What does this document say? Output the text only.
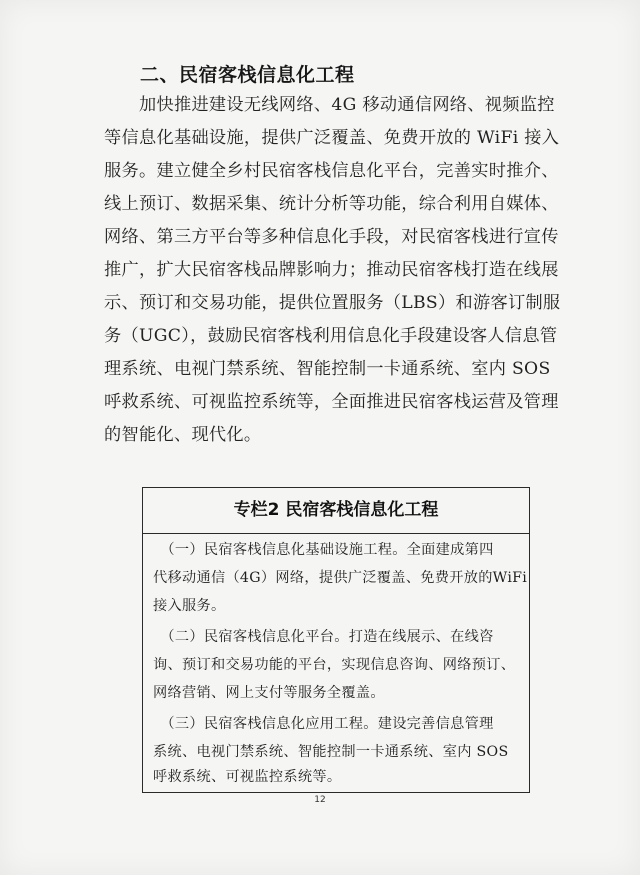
二、民宿客栈信息化工程
　　加快推进建设无线网络、4G 移动通信网络、视频监控
等信息化基础设施，提供广泛覆盖、免费开放的 WiFi 接入
服务。建立健全乡村民宿客栈信息化平台，完善实时推介、
线上预订、数据采集、统计分析等功能，综合利用自媒体、
网络、第三方平台等多种信息化手段，对民宿客栈进行宣传
推广，扩大民宿客栈品牌影响力；推动民宿客栈打造在线展
示、预订和交易功能，提供位置服务（LBS）和游客订制服
务（UGC），鼓励民宿客栈利用信息化手段建设客人信息管
理系统、电视门禁系统、智能控制一卡通系统、室内 SOS
呼救系统、可视监控系统等，全面推进民宿客栈运营及管理
的智能化、现代化。
专栏2 民宿客栈信息化工程
　（一）民宿客栈信息化基础设施工程。全面建成第四
代移动通信（4G）网络，提供广泛覆盖、免费开放的WiFi
接入服务。
　（二）民宿客栈信息化平台。打造在线展示、在线咨
询、预订和交易功能的平台，实现信息咨询、网络预订、
网络营销、网上支付等服务全覆盖。
　（三）民宿客栈信息化应用工程。建设完善信息管理
系统、电视门禁系统、智能控制一卡通系统、室内 SOS
呼救系统、可视监控系统等。
12
